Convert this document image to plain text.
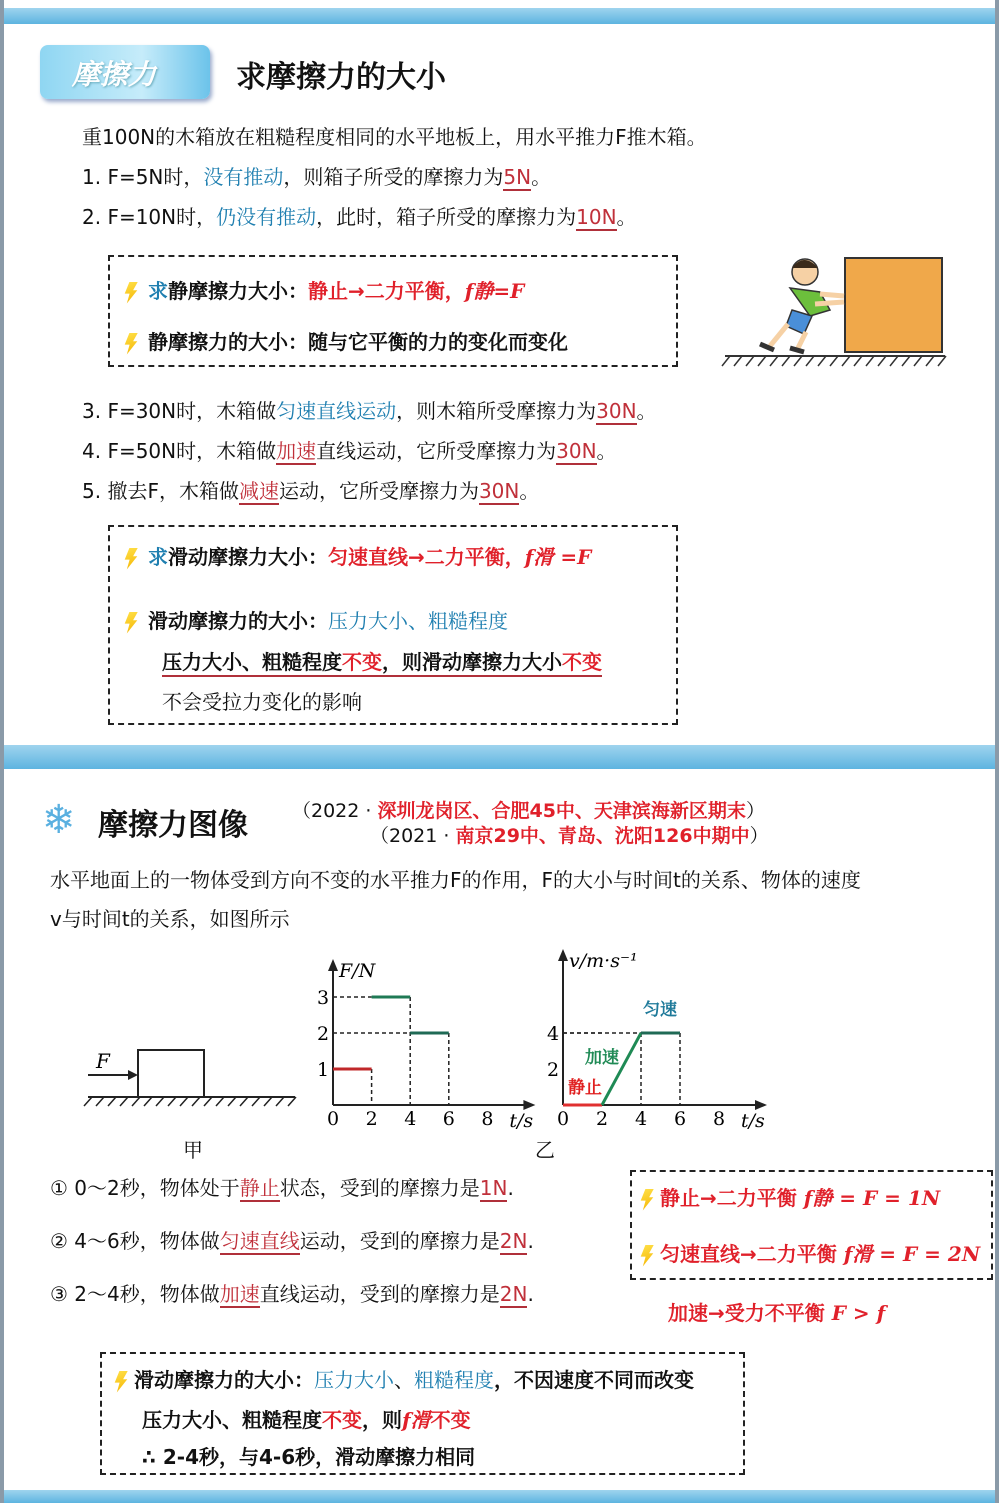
摩擦力	求摩擦力的大小
重100N的木箱放在粗糙程度相同的水平地板上，用水平推力F推木箱。
1. F=5N时，没有推动，则箱子所受的摩擦力为5N。
2. F=10N时，仍没有推动，此时，箱子所受的摩擦力为10N。
求静摩擦力大小：静止→二力平衡，f静=F
静摩擦力的大小：随与它平衡的力的变化而变化
3. F=30N时，木箱做匀速直线运动，则木箱所受摩擦力为30N。
4. F=50N时，木箱做加速直线运动，它所受摩擦力为30N。
5. 撤去F，木箱做减速运动，它所受摩擦力为30N。
求滑动摩擦力大小：匀速直线→二力平衡，f滑 =F
滑动摩擦力的大小：压力大小、粗糙程度
压力大小、粗糙程度不变，则滑动摩擦力大小不变
不会受拉力变化的影响
❄ 摩擦力图像 （2022 · 深圳龙岗区、合肥45中、天津滨海新区期末）
（2021 · 南京29中、青岛、沈阳126中期中）
水平地面上的一物体受到方向不变的水平推力F的作用，F的大小与时间t的关系、物体的速度
v与时间t的关系，如图所示
F
甲	乙
0 2 4 6 8
1
2
3
F/N
t/s 0 2 4 6 8
2
4
v/m·s⁻¹
t/s
静止
加速
匀速
① 0～2秒，物体处于静止状态，受到的摩擦力是1N.
② 4～6秒，物体做匀速直线运动，受到的摩擦力是2N.
③ 2～4秒，物体做加速直线运动，受到的摩擦力是2N.
静止→二力平衡 f静 = F = 1N
匀速直线→二力平衡 f滑 = F = 2N
加速→受力不平衡 F > f
滑动摩擦力的大小：压力大小、粗糙程度，不因速度不同而改变
压力大小、粗糙程度不变，则f滑不变
∴ 2-4秒，与4-6秒，滑动摩擦力相同
